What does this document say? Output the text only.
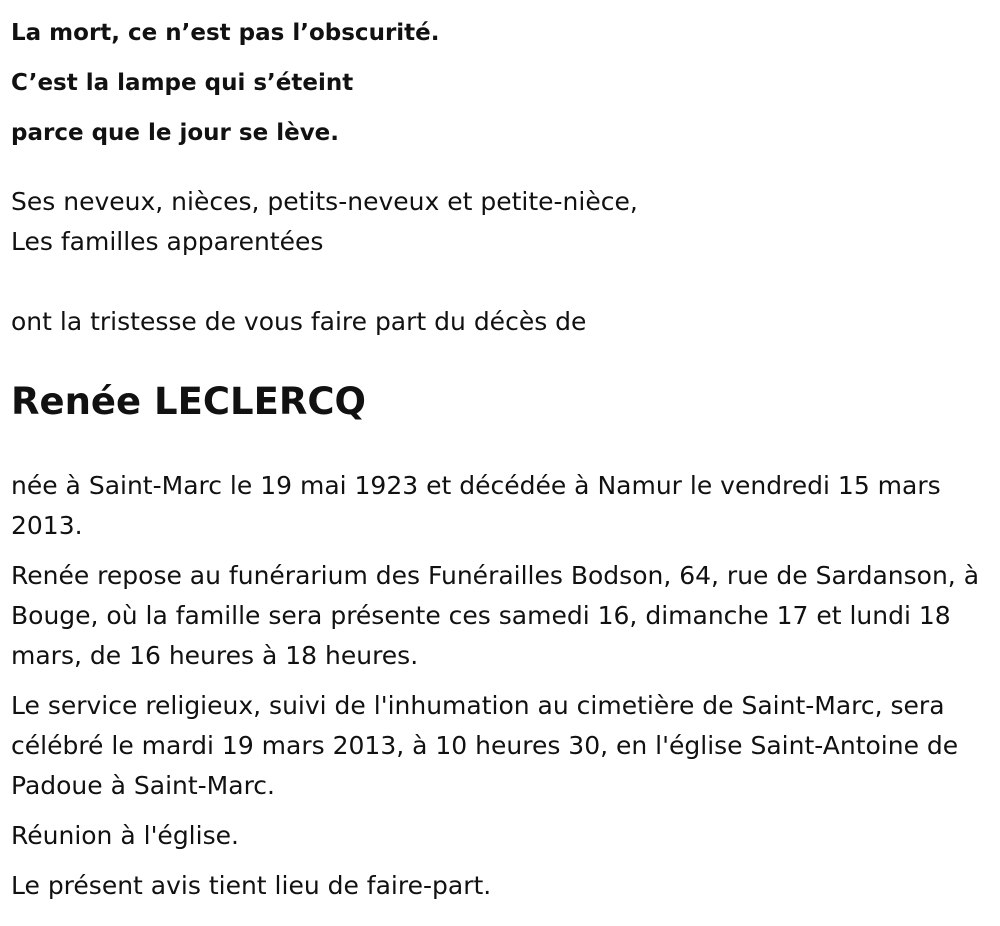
La mort, ce n’est pas l’obscurité.

C’est la lampe qui s’éteint

parce que le jour se lève.

Ses neveux, nièces, petits-neveux et petite-nièce,

Les familles apparentées

ont la tristesse de vous faire part du décès de

Renée LECLERCQ

née à Saint-Marc le 19 mai 1923 et décédée à Namur le vendredi 15 mars 2013.

Renée repose au funérarium des Funérailles Bodson, 64, rue de Sardanson, à Bouge, où la famille sera présente ces samedi 16, dimanche 17 et lundi 18 mars, de 16 heures à 18 heures.

Le service religieux, suivi de l'inhumation au cimetière de Saint-Marc, sera célébré le mardi 19 mars 2013, à 10 heures 30, en l'église Saint-Antoine de Padoue à Saint-Marc.

Réunion à l'église.

Le présent avis tient lieu de faire-part.
